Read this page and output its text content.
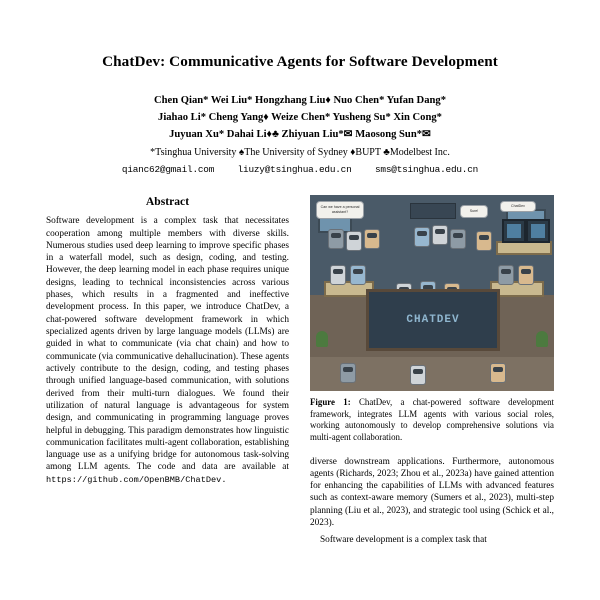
ChatDev: Communicative Agents for Software Development
Chen Qian* Wei Liu* Hongzhang Liu♦ Nuo Chen* Yufan Dang*
Jiahao Li* Cheng Yang♦ Weize Chen* Yusheng Su* Xin Cong*
Juyuan Xu* Dahai Li♦♣ Zhiyuan Liu*✉ Maosong Sun*✉
*Tsinghua University ♠The University of Sydney ♦BUPT ♣Modelbest Inc.
qianc62@gmail.com liuzy@tsinghua.edu.cn sms@tsinghua.edu.cn
Abstract

Software development is a complex task that necessitates cooperation among multiple members with diverse skills. Numerous studies used deep learning to improve specific phases in a waterfall model, such as design, coding, and testing. However, the deep learning model in each phase requires unique designs, leading to technical inconsistencies across various phases, which results in a fragmented and ineffective development process. In this paper, we introduce ChatDev, a chat-powered software development framework in which specialized agents driven by large language models (LLMs) are guided in what to communicate (via chat chain) and how to communicate (via communicative dehallucination). These agents actively contribute to the design, coding, and testing phases through unified language-based communication, with solutions derived from their multi-turn dialogues. We found their utilization of natural language is advantageous for system design, and communicating in programming language proves helpful in debugging. This paradigm demonstrates how linguistic communication facilitates multi-agent collaboration, establishing language use as a unifying bridge for autonomous task-solving among LLM agents. The code and data are available at https://github.com/OpenBMB/ChatDev.

Can we have a personal assistant?	Sure!
ChatDev
CHATDEV
Figure 1: ChatDev, a chat-powered software development framework, integrates LLM agents with various social roles, working autonomously to develop comprehensive solutions via multi-agent collaboration.

diverse downstream applications. Furthermore, autonomous agents (Richards, 2023; Zhou et al., 2023a) have gained attention for enhancing the capabilities of LLMs with advanced features such as context-aware memory (Sumers et al., 2023), multi-step planning (Liu et al., 2023), and strategic tool using (Schick et al., 2023).

Software development is a complex task that
